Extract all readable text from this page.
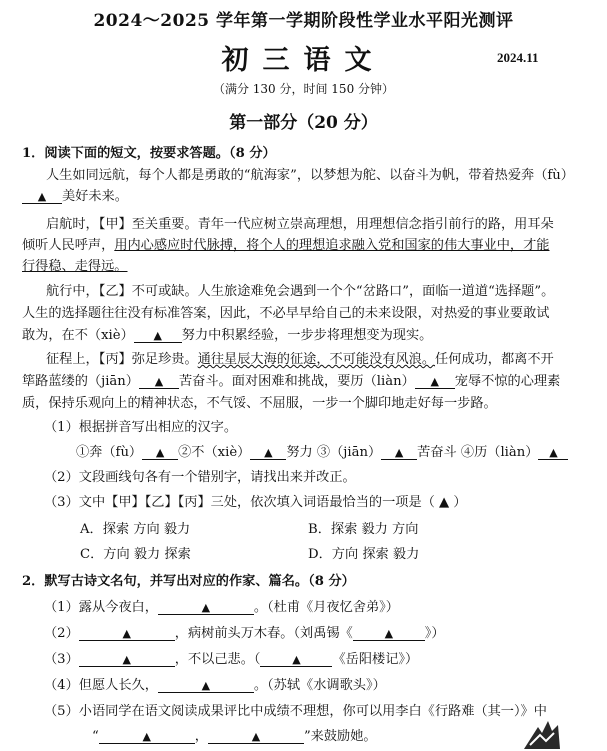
2024～2025 学年第一学期阶段性学业水平阳光测评
初三语文	2024.11
（满分 130 分，时间 150 分钟）
第一部分（20 分）
1．阅读下面的短文，按要求答题。（8 分）
人生如同远航，每个人都是勇敢的“航海家”，以梦想为舵、以奋斗为帆，带着热爱奔（fù）
▲ 美好未来。
启航时，【甲】至关重要。青年一代应树立崇高理想，用理想信念指引前行的路，用耳朵
倾听人民呼声，用内心感应时代脉搏，将个人的理想追求融入党和国家的伟大事业中，才能
行得稳、走得远。
航行中，【乙】不可或缺。人生旅途难免会遇到一个个“岔路口”，面临一道道“选择题”。
人生的选择题往往没有标准答案，因此，不必早早给自己的未来设限，对热爱的事业要敢试
敢为，在不（xiè） ▲ 努力中积累经验，一步步将理想变为现实。
征程上，【丙】弥足珍贵。通往星辰大海的征途，不可能没有风浪。任何成功，都离不开
筚路蓝缕的（jiān） ▲ 苦奋斗。面对困难和挑战，要历（liàn） ▲ 宠辱不惊的心理素
质，保持乐观向上的精神状态，不气馁、不屈服，一步一个脚印地走好每一步路。
（1）根据拼音写出相应的汉字。
①奔（fù） ▲ ②不（xiè） ▲ 努力 ③（jiān） ▲ 苦奋斗 ④历（liàn） ▲
（2）文段画线句各有一个错别字，请找出来并改正。
（3）文中【甲】【乙】【丙】三处，依次填入词语最恰当的一项是（ ▲ ）
A．探索 方向 毅力	B．探索 毅力 方向
C．方向 毅力 探索	D．方向 探索 毅力
2．默写古诗文名句，并写出对应的作家、篇名。（8 分）
（1）露从今夜白，	▲	。（杜甫《月夜忆舍弟》）
（2）	▲	，病树前头万木春。（刘禹锡《	▲ 》）
（3）	▲	，不以己悲。（	▲ 《岳阳楼记》）
（4）但愿人长久，	▲	。（苏轼《水调歌头》）
（5）小语同学在语文阅读成果评比中成绩不理想，你可以用李白《行路难（其一）》中
“	▲	，	▲	”来鼓励她。
